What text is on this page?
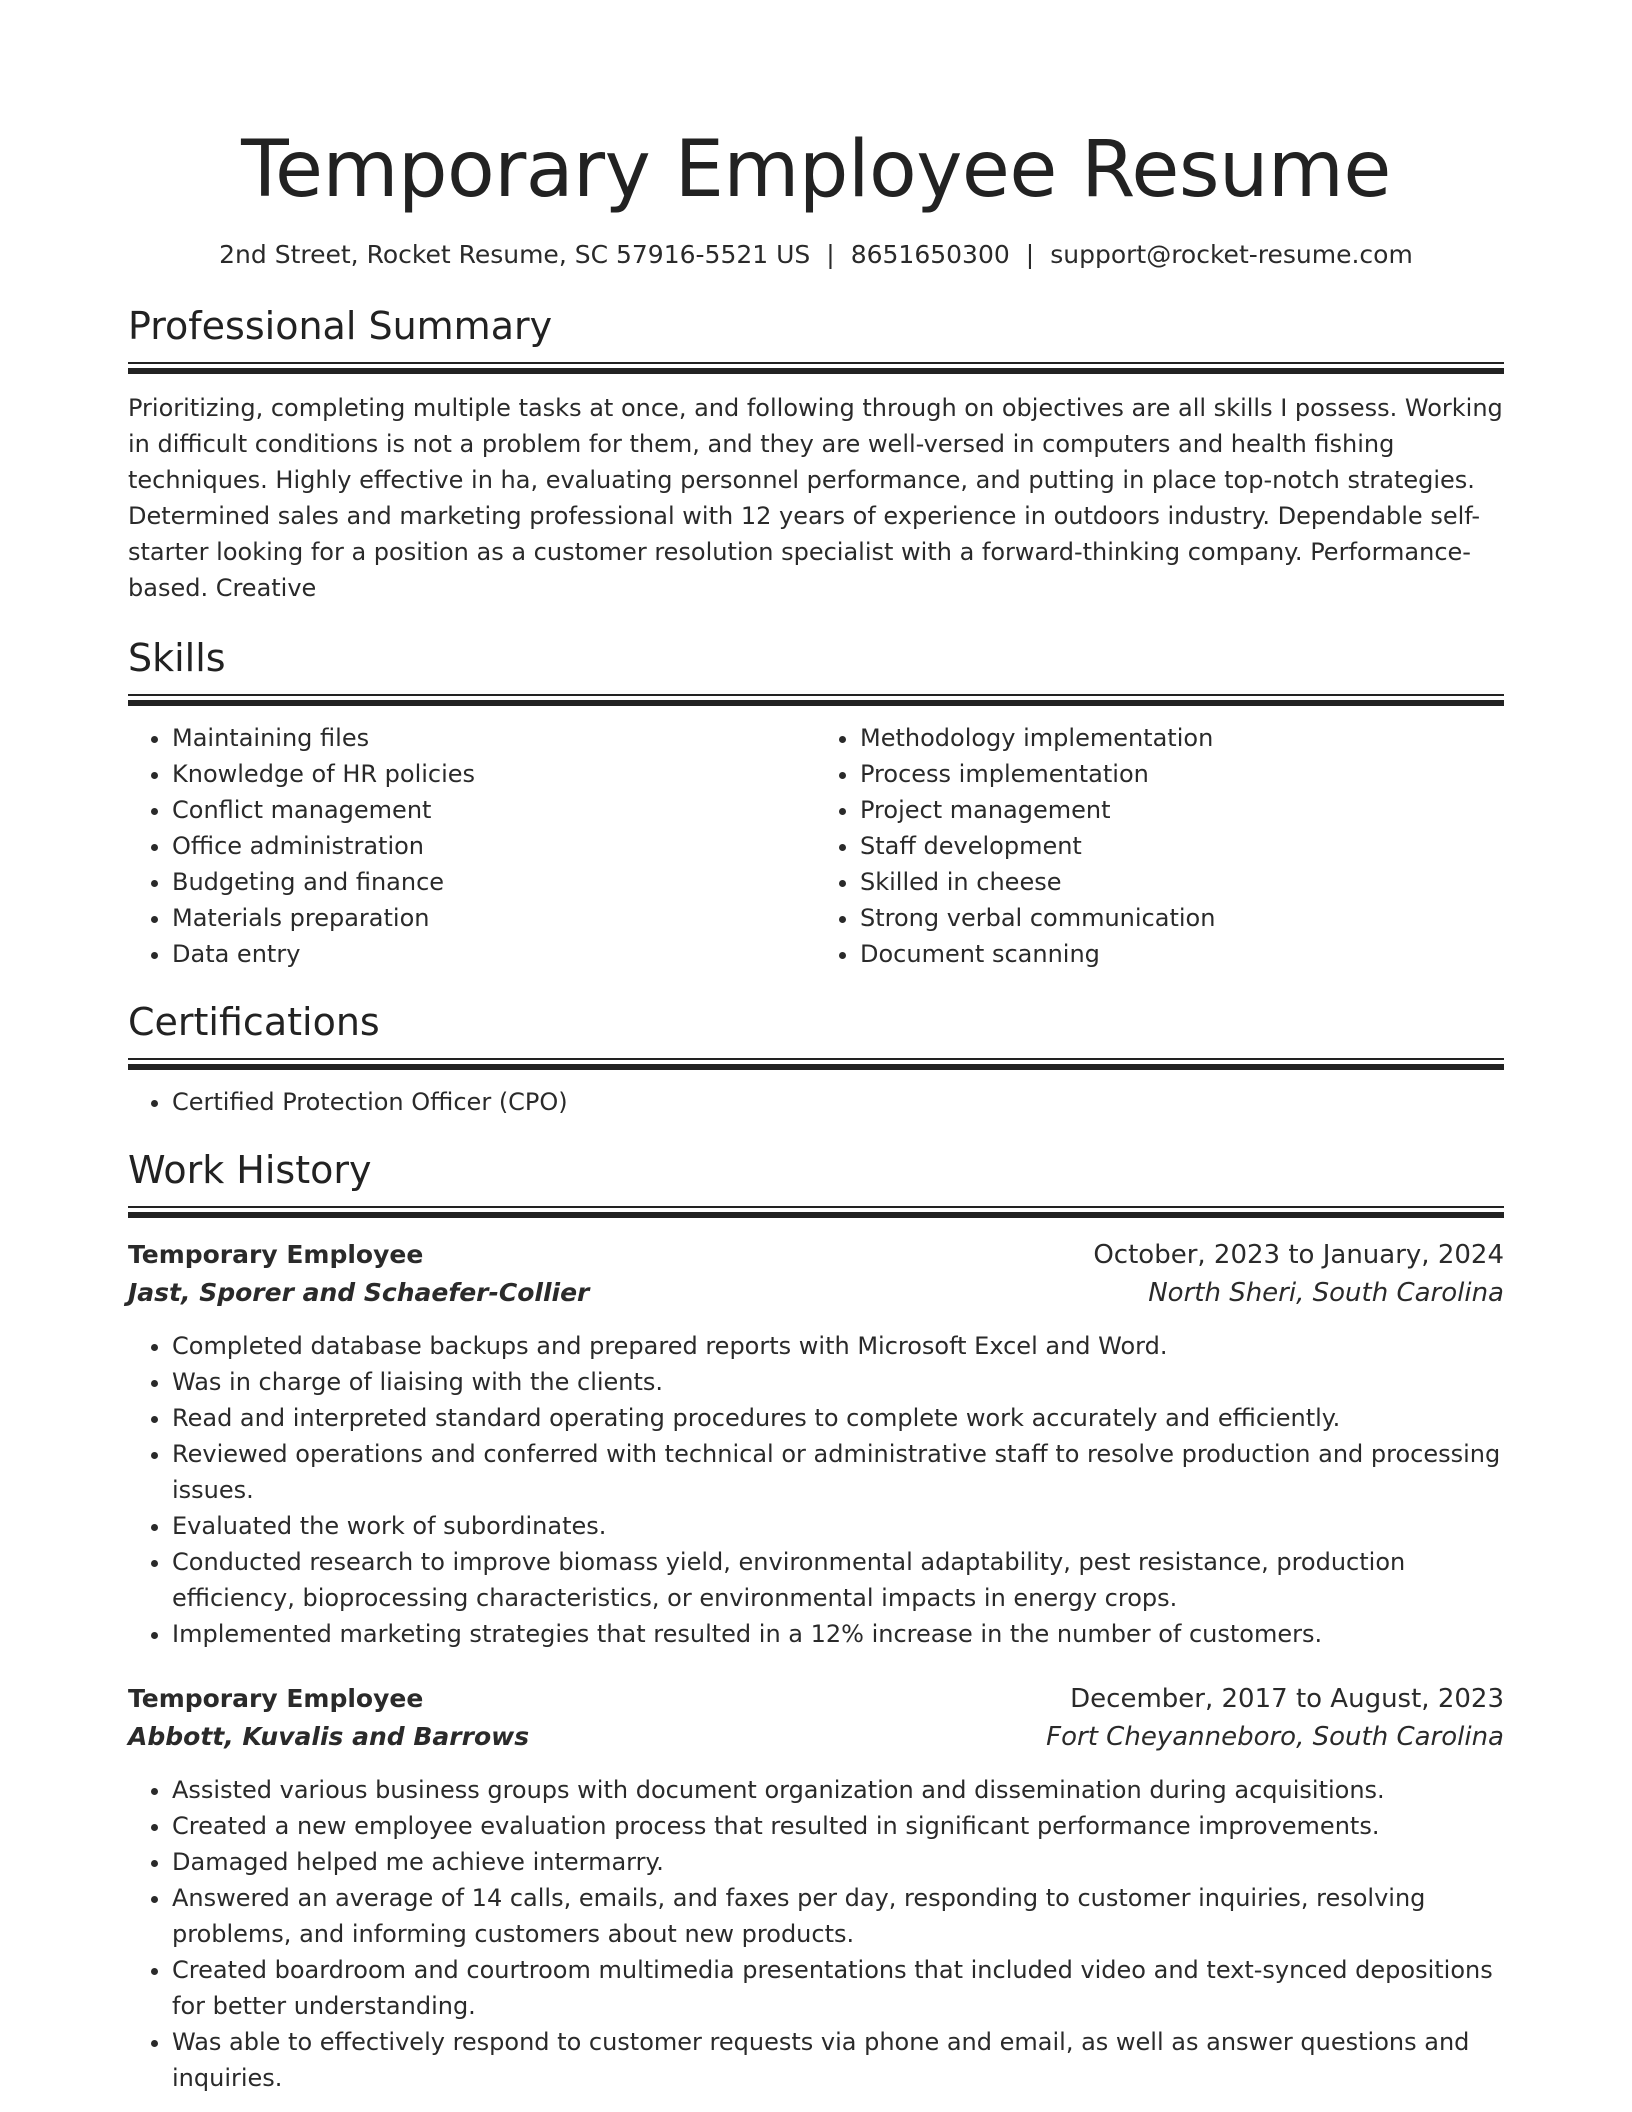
Temporary Employee Resume
2nd Street, Rocket Resume, SC 57916-5521 US | 8651650300 | support@rocket-resume.com
Professional Summary

Prioritizing, completing multiple tasks at once, and following through on objectives are all skills I possess. Working in difficult conditions is not a problem for them, and they are well-versed in computers and health fishing techniques. Highly effective in ha, evaluating personnel performance, and putting in place top-notch strategies. Determined sales and marketing professional with 12 years of experience in outdoors industry. Dependable self-starter looking for a position as a customer resolution specialist with a forward-thinking company. Performance-based. Creative

Skills
• Maintaining files
• Knowledge of HR policies
• Conflict management
• Office administration
• Budgeting and finance
• Materials preparation
• Data entry
• Methodology implementation
• Process implementation
• Project management
• Staff development
• Skilled in cheese
• Strong verbal communication
• Document scanning
Certifications
• Certified Protection Officer (CPO)
Work History
Temporary Employee	October, 2023 to January, 2024
Jast, Sporer and Schaefer-Collier	North Sheri, South Carolina
• Completed database backups and prepared reports with Microsoft Excel and Word.
• Was in charge of liaising with the clients.
• Read and interpreted standard operating procedures to complete work accurately and efficiently.
• Reviewed operations and conferred with technical or administrative staff to resolve production and processing issues.
• Evaluated the work of subordinates.
• Conducted research to improve biomass yield, environmental adaptability, pest resistance, production efficiency, bioprocessing characteristics, or environmental impacts in energy crops.
• Implemented marketing strategies that resulted in a 12% increase in the number of customers.
Temporary Employee	December, 2017 to August, 2023
Abbott, Kuvalis and Barrows	Fort Cheyanneboro, South Carolina
• Assisted various business groups with document organization and dissemination during acquisitions.
• Created a new employee evaluation process that resulted in significant performance improvements.
• Damaged helped me achieve intermarry.
• Answered an average of 14 calls, emails, and faxes per day, responding to customer inquiries, resolving problems, and informing customers about new products.
• Created boardroom and courtroom multimedia presentations that included video and text-synced depositions for better understanding.
• Was able to effectively respond to customer requests via phone and email, as well as answer questions and inquiries.
